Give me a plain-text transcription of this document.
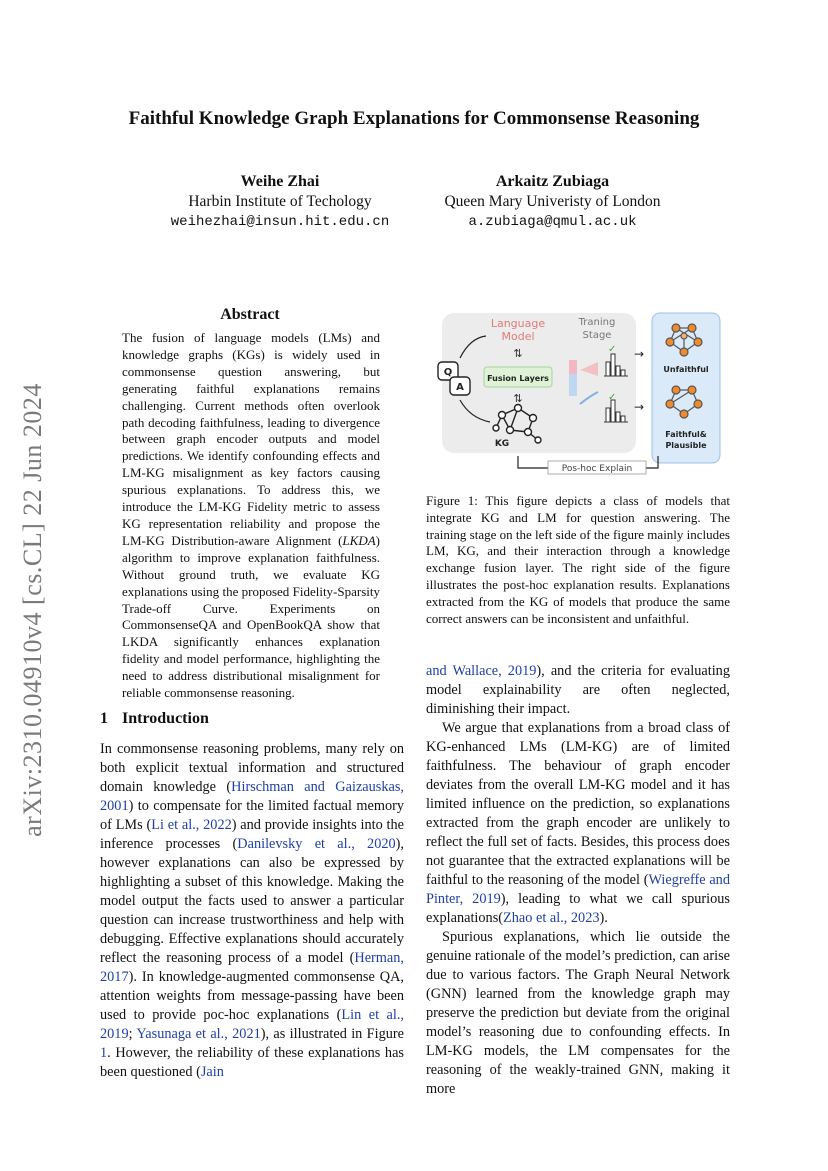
arXiv:2310.04910v4 [cs.CL] 22 Jun 2024
Faithful Knowledge Graph Explanations for Commonsense Reasoning
Weihe Zhai
Harbin Institute of Techology
weihezhai@insun.hit.edu.cn
Arkaitz Zubiaga
Queen Mary Univeristy of London
a.zubiaga@qmul.ac.uk
Abstract
The fusion of language models (LMs) and knowledge graphs (KGs) is widely used in commonsense question answering, but generating faithful explanations remains challenging. Current methods often overlook path decoding faithfulness, leading to divergence between graph encoder outputs and model predictions. We identify confounding effects and LM-KG misalignment as key factors causing spurious explanations. To address this, we introduce the LM-KG Fidelity metric to assess KG representation reliability and propose the LM-KG Distribution-aware Alignment (LKDA) algorithm to improve explanation faithfulness. Without ground truth, we evaluate KG explanations using the proposed Fidelity-Sparsity Trade-off Curve. Experiments on CommonsenseQA and OpenBookQA show that LKDA significantly enhances explanation fidelity and model performance, highlighting the need to address distributional misalignment for reliable commonsense reasoning.
1 Introduction
In commonsense reasoning problems, many rely on both explicit textual information and structured domain knowledge (Hirschman and Gaizauskas, 2001) to compensate for the limited factual memory of LMs (Li et al., 2022) and provide insights into the inference processes (Danilevsky et al., 2020), however explanations can also be expressed by highlighting a subset of this knowledge. Making the model output the facts used to answer a particular question can increase trustworthiness and help with debugging. Effective explanations should accurately reflect the reasoning process of a model (Herman, 2017). In knowledge-augmented commonsense QA, attention weights from message-passing have been used to provide poc-hoc explanations (Lin et al., 2019; Yasunaga et al., 2021), as illustrated in Figure 1. However, the reliability of these explanations has been questioned (Jain

and Wallace, 2019), and the criteria for evaluating model explainability are often neglected, diminishing their impact.

We argue that explanations from a broad class of KG-enhanced LMs (LM-KG) are of limited faithfulness. The behaviour of graph encoder deviates from the overall LM-KG model and it has limited influence on the prediction, so explanations extracted from the graph encoder are unlikely to reflect the full set of facts. Besides, this process does not guarantee that the extracted explanations will be faithful to the reasoning of the model (Wiegreffe and Pinter, 2019), leading to what we call spurious explanations(Zhao et al., 2023).

Spurious explanations, which lie outside the genuine rationale of the model’s prediction, can arise due to various factors. The Graph Neural Network (GNN) learned from the knowledge graph may preserve the prediction but deviate from the original model’s reasoning due to confounding effects. In LM-KG models, the LM compensates for the reasoning of the weakly-trained GNN, making it more

Language
Model
⇅
Traning
Stage
Fusion Layers
⇅
KG
Q
A
✓
✓
→
→
Unfaithful
Faithful&
Plausible
Pos-hoc Explain
Figure 1: This figure depicts a class of models that integrate KG and LM for question answering. The training stage on the left side of the figure mainly includes LM, KG, and their interaction through a knowledge exchange fusion layer. The right side of the figure illustrates the post-hoc explanation results. Explanations extracted from the KG of models that produce the same correct answers can be inconsistent and unfaithful.
